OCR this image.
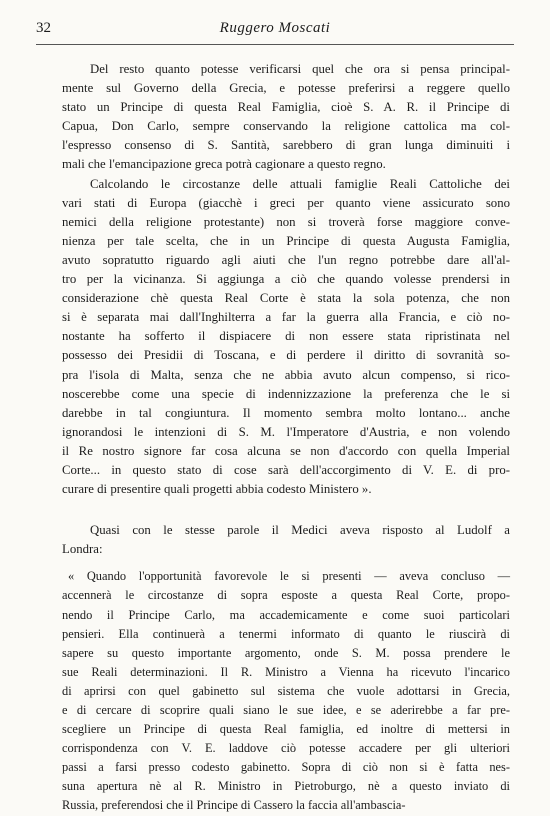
32	Ruggero Moscati
Del resto quanto potesse verificarsi quel che ora si pensa principal-
mente sul Governo della Grecia, e potesse preferirsi a reggere quello
stato un Principe di questa Real Famiglia, cioè S. A. R. il Principe di
Capua, Don Carlo, sempre conservando la religione cattolica ma col-
l'espresso consenso di S. Santità, sarebbero di gran lunga diminuiti i
mali che l'emancipazione greca potrà cagionare a questo regno.
Calcolando le circostanze delle attuali famiglie Reali Cattoliche dei
vari stati di Europa (giacchè i greci per quanto viene assicurato sono
nemici della religione protestante) non si troverà forse maggiore conve-
nienza per tale scelta, che in un Principe di questa Augusta Famiglia,
avuto sopratutto riguardo agli aiuti che l'un regno potrebbe dare all'al-
tro per la vicinanza. Si aggiunga a ciò che quando volesse prendersi in
considerazione chè questa Real Corte è stata la sola potenza, che non
si è separata mai dall'Inghilterra a far la guerra alla Francia, e ciò no-
nostante ha sofferto il dispiacere di non essere stata ripristinata nel
possesso dei Presidii di Toscana, e di perdere il diritto di sovranità so-
pra l'isola di Malta, senza che ne abbia avuto alcun compenso, si rico-
noscerebbe come una specie di indennizzazione la preferenza che le si
darebbe in tal congiuntura. Il momento sembra molto lontano... anche
ignorandosi le intenzioni di S. M. l'Imperatore d'Austria, e non volendo
il Re nostro signore far cosa alcuna se non d'accordo con quella Imperial
Corte... in questo stato di cose sarà dell'accorgimento di V. E. di pro-
curare di presentire quali progetti abbia codesto Ministero ».
Quasi con le stesse parole il Medici aveva risposto al Ludolf a
Londra:
« Quando l'opportunità favorevole le si presenti — aveva concluso —
accennerà le circostanze di sopra esposte a questa Real Corte, propo-
nendo il Principe Carlo, ma accademicamente e come suoi particolari
pensieri. Ella continuerà a tenermi informato di quanto le riuscirà di
sapere su questo importante argomento, onde S. M. possa prendere le
sue Reali determinazioni. Il R. Ministro a Vienna ha ricevuto l'incarico
di aprirsi con quel gabinetto sul sistema che vuole adottarsi in Grecia,
e di cercare di scoprire quali siano le sue idee, e se aderirebbe a far pre-
scegliere un Principe di questa Real famiglia, ed inoltre di mettersi in
corrispondenza con V. E. laddove ciò potesse accadere per gli ulteriori
passi a farsi presso codesto gabinetto. Sopra di ciò non si è fatta nes-
suna apertura nè al R. Ministro in Pietroburgo, nè a questo inviato di
Russia, preferendosi che il Principe di Cassero la faccia all'ambascia-
